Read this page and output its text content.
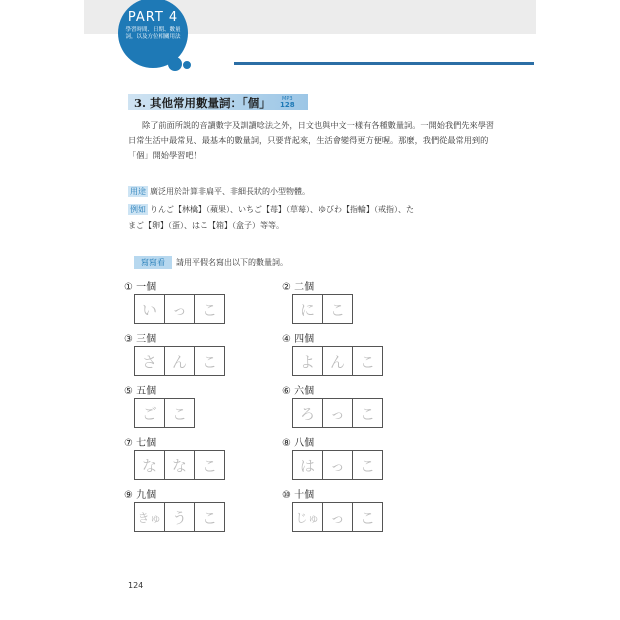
PART 4
學習時間、日期、數量詞，以及方位相關用法
3. 其他常用數量詞：「個」	MP3
128
除了前面所説的音讀數字及訓讀唸法之外，日文也與中文一樣有各種數量詞。一開始我們先來學習日常生活中最常見、最基本的數量詞，只要背起來，生活會變得更方便喔。那麼，我們從最常用到的「個」開始學習吧！
用途 廣泛用於計算非扁平、非細長狀的小型物體。
例如 りんご【林檎】（蘋果）、いちご【苺】（草莓）、ゆびわ【指輪】（戒指）、た
まご【卵】（蛋）、はこ【箱】（盒子）等等。
寫寫看	請用平假名寫出以下的數量詞。
① 一個
い っ こ
② 二個
に こ
③ 三個
さ ん こ
④ 四個
よ ん こ
⑤ 五個
ご こ
⑥ 六個
ろ っ こ
⑦ 七個
な な こ
⑧ 八個
は っ こ
⑨ 九個
きゅ う こ
⑩ 十個
じゅ っ こ
124
